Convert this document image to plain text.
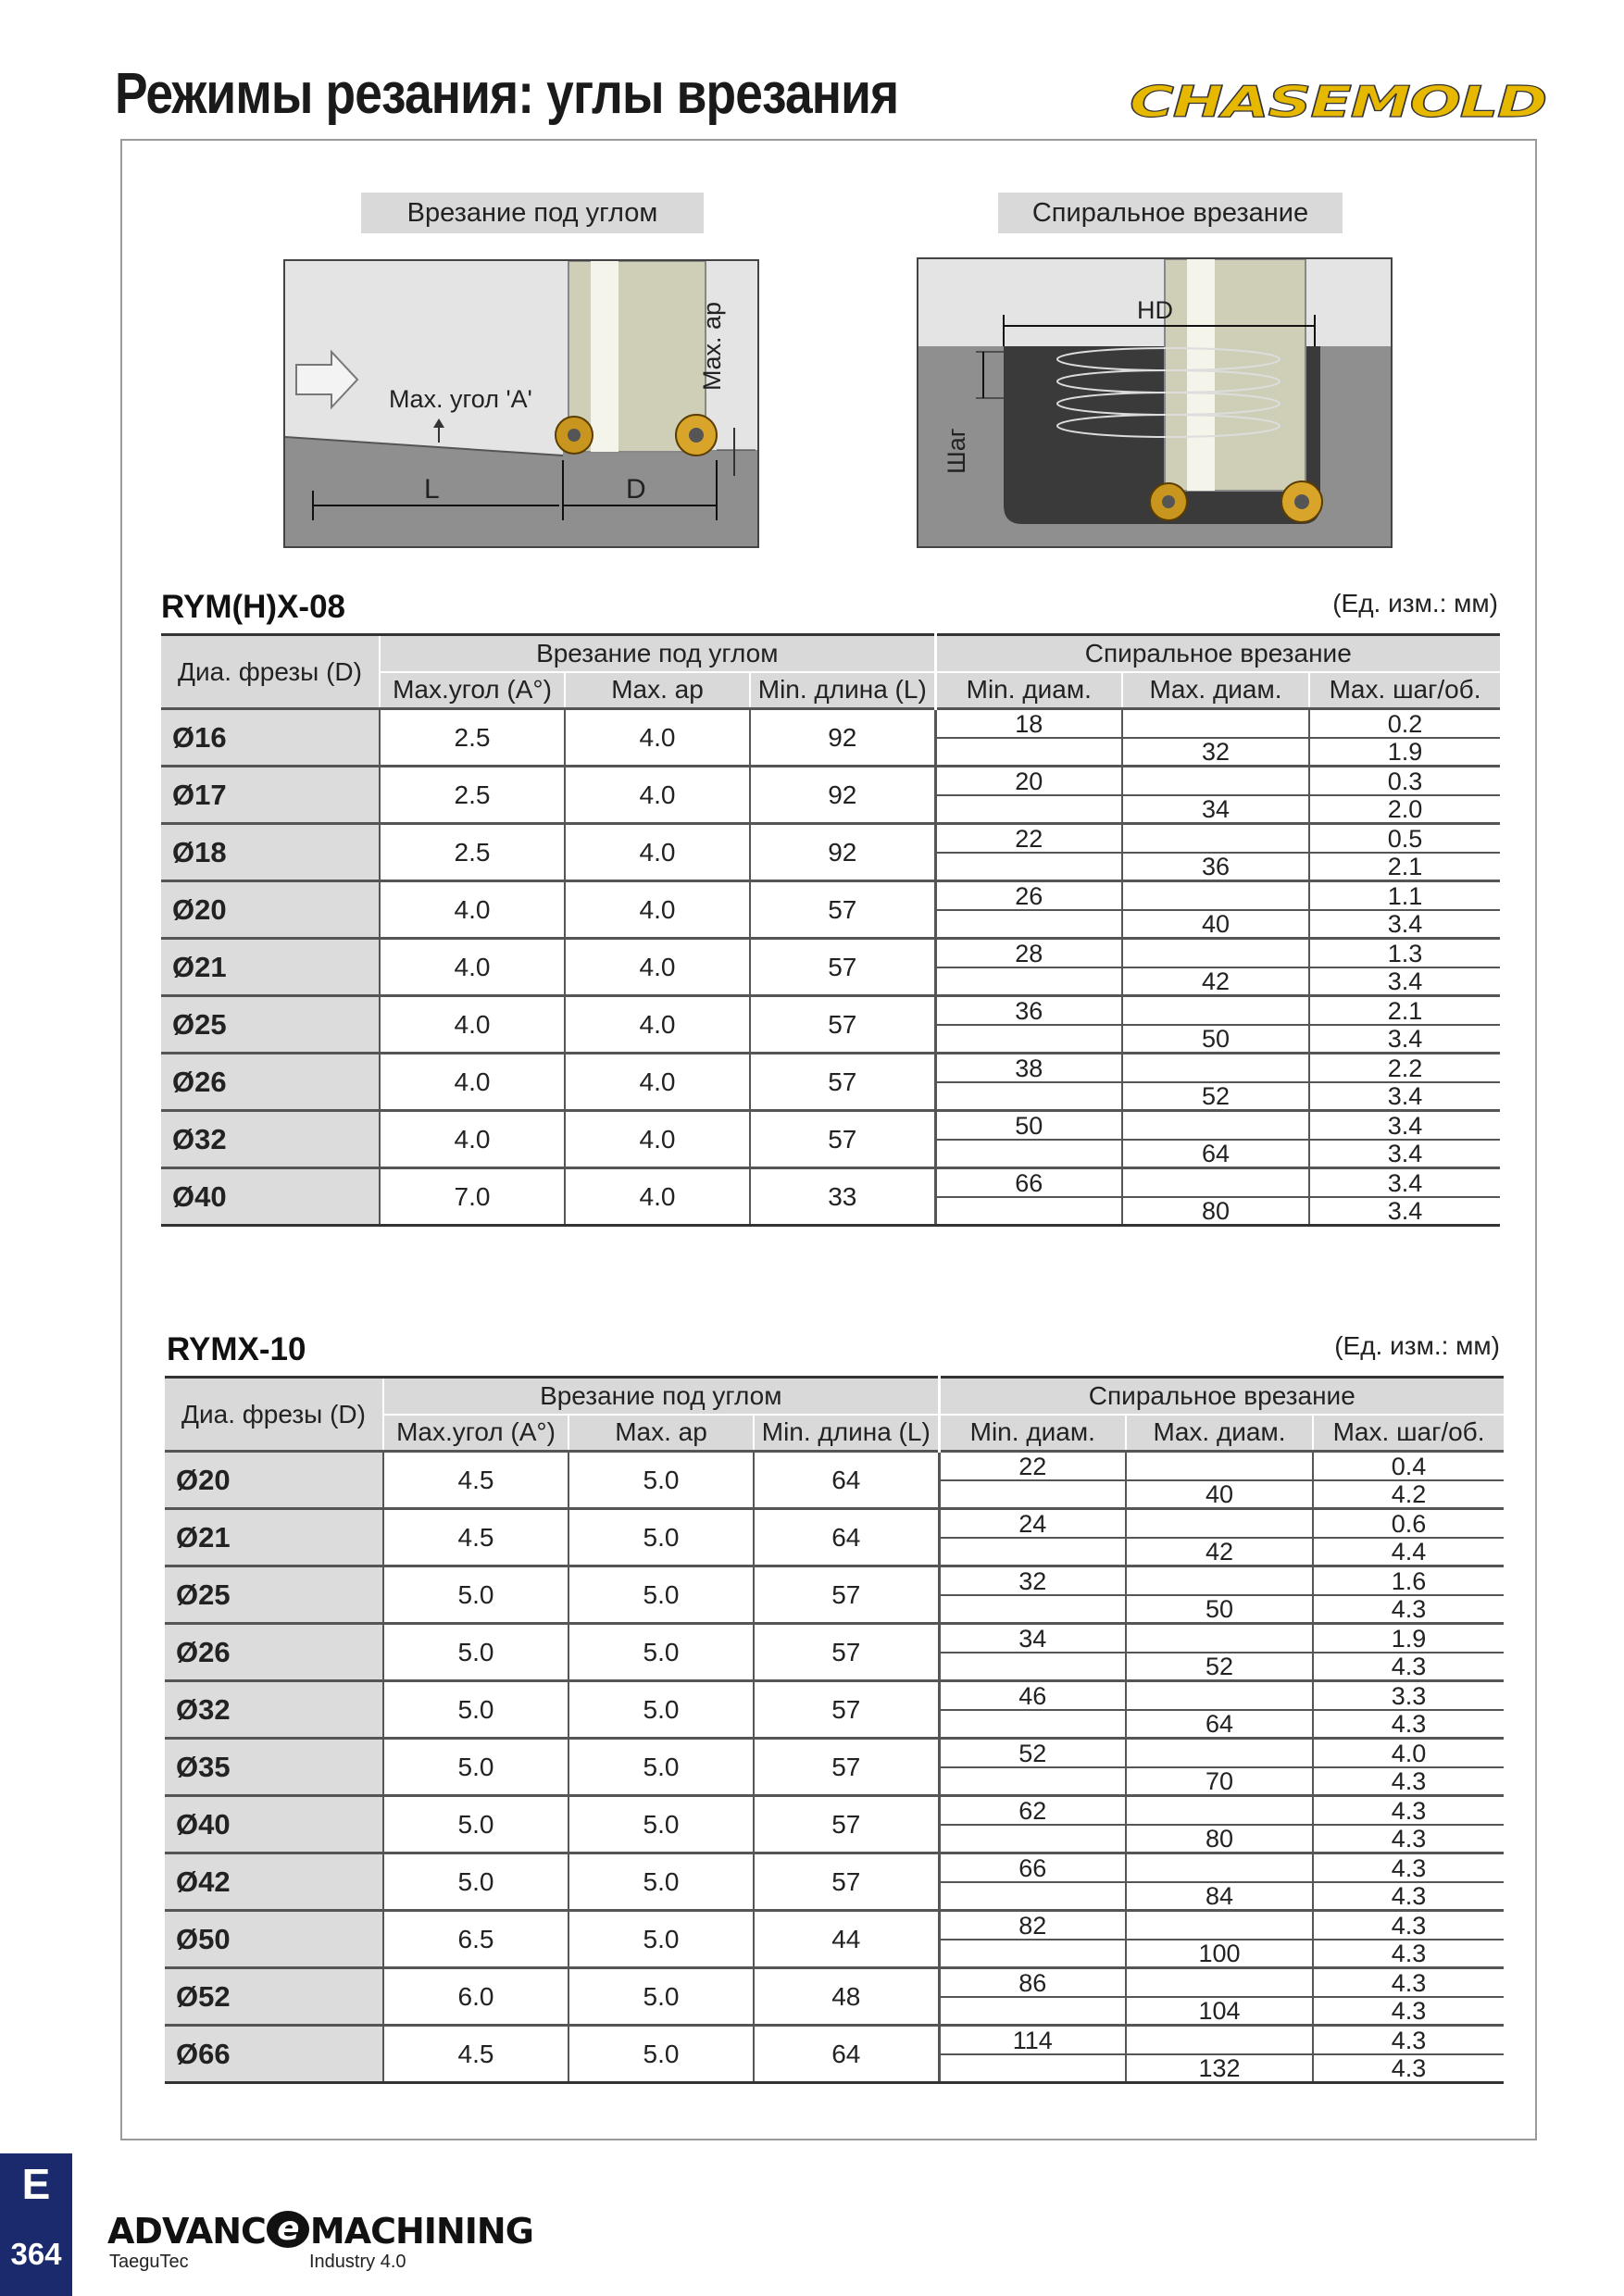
Режимы резания: углы врезания	CHASEMOLD
Врезание под углом
Max. угол 'A'
Max. ap
L	D
Спиральное врезание
HD
Шаг
RYM(H)X-08	(Ед. изм.: мм)
Диа. фрезы (D)	Врезание под углом			Спиральное врезание		
	Max.угол (A°)	Max. ap	Min. длина (L)	Min. диам.	Max. диам.	Max. шаг/об.
Ø16	2.5	4.0	92	18		0.2
					32	1.9
Ø17	2.5	4.0	92	20		0.3
					34	2.0
Ø18	2.5	4.0	92	22		0.5
					36	2.1
Ø20	4.0	4.0	57	26		1.1
					40	3.4
Ø21	4.0	4.0	57	28		1.3
					42	3.4
Ø25	4.0	4.0	57	36		2.1
					50	3.4
Ø26	4.0	4.0	57	38		2.2
					52	3.4
Ø32	4.0	4.0	57	50		3.4
					64	3.4
Ø40	7.0	4.0	33	66		3.4
					80	3.4
RYMX-10	(Ед. изм.: мм)
Диа. фрезы (D)	Врезание под углом			Спиральное врезание		
	Max.угол (A°)	Max. ap	Min. длина (L)	Min. диам.	Max. диам.	Max. шаг/об.
Ø20	4.5	5.0	64	22		0.4
					40	4.2
Ø21	4.5	5.0	64	24		0.6
					42	4.4
Ø25	5.0	5.0	57	32		1.6
					50	4.3
Ø26	5.0	5.0	57	34		1.9
					52	4.3
Ø32	5.0	5.0	57	46		3.3
					64	4.3
Ø35	5.0	5.0	57	52		4.0
					70	4.3
Ø40	5.0	5.0	57	62		4.3
					80	4.3
Ø42	5.0	5.0	57	66		4.3
					84	4.3
Ø50	6.5	5.0	44	82		4.3
					100	4.3
Ø52	6.0	5.0	48	86		4.3
					104	4.3
Ø66	4.5	5.0	64	114		4.3
					132	4.3
E
364
ADVANC e MACHINING
TaeguTec	Industry 4.0
